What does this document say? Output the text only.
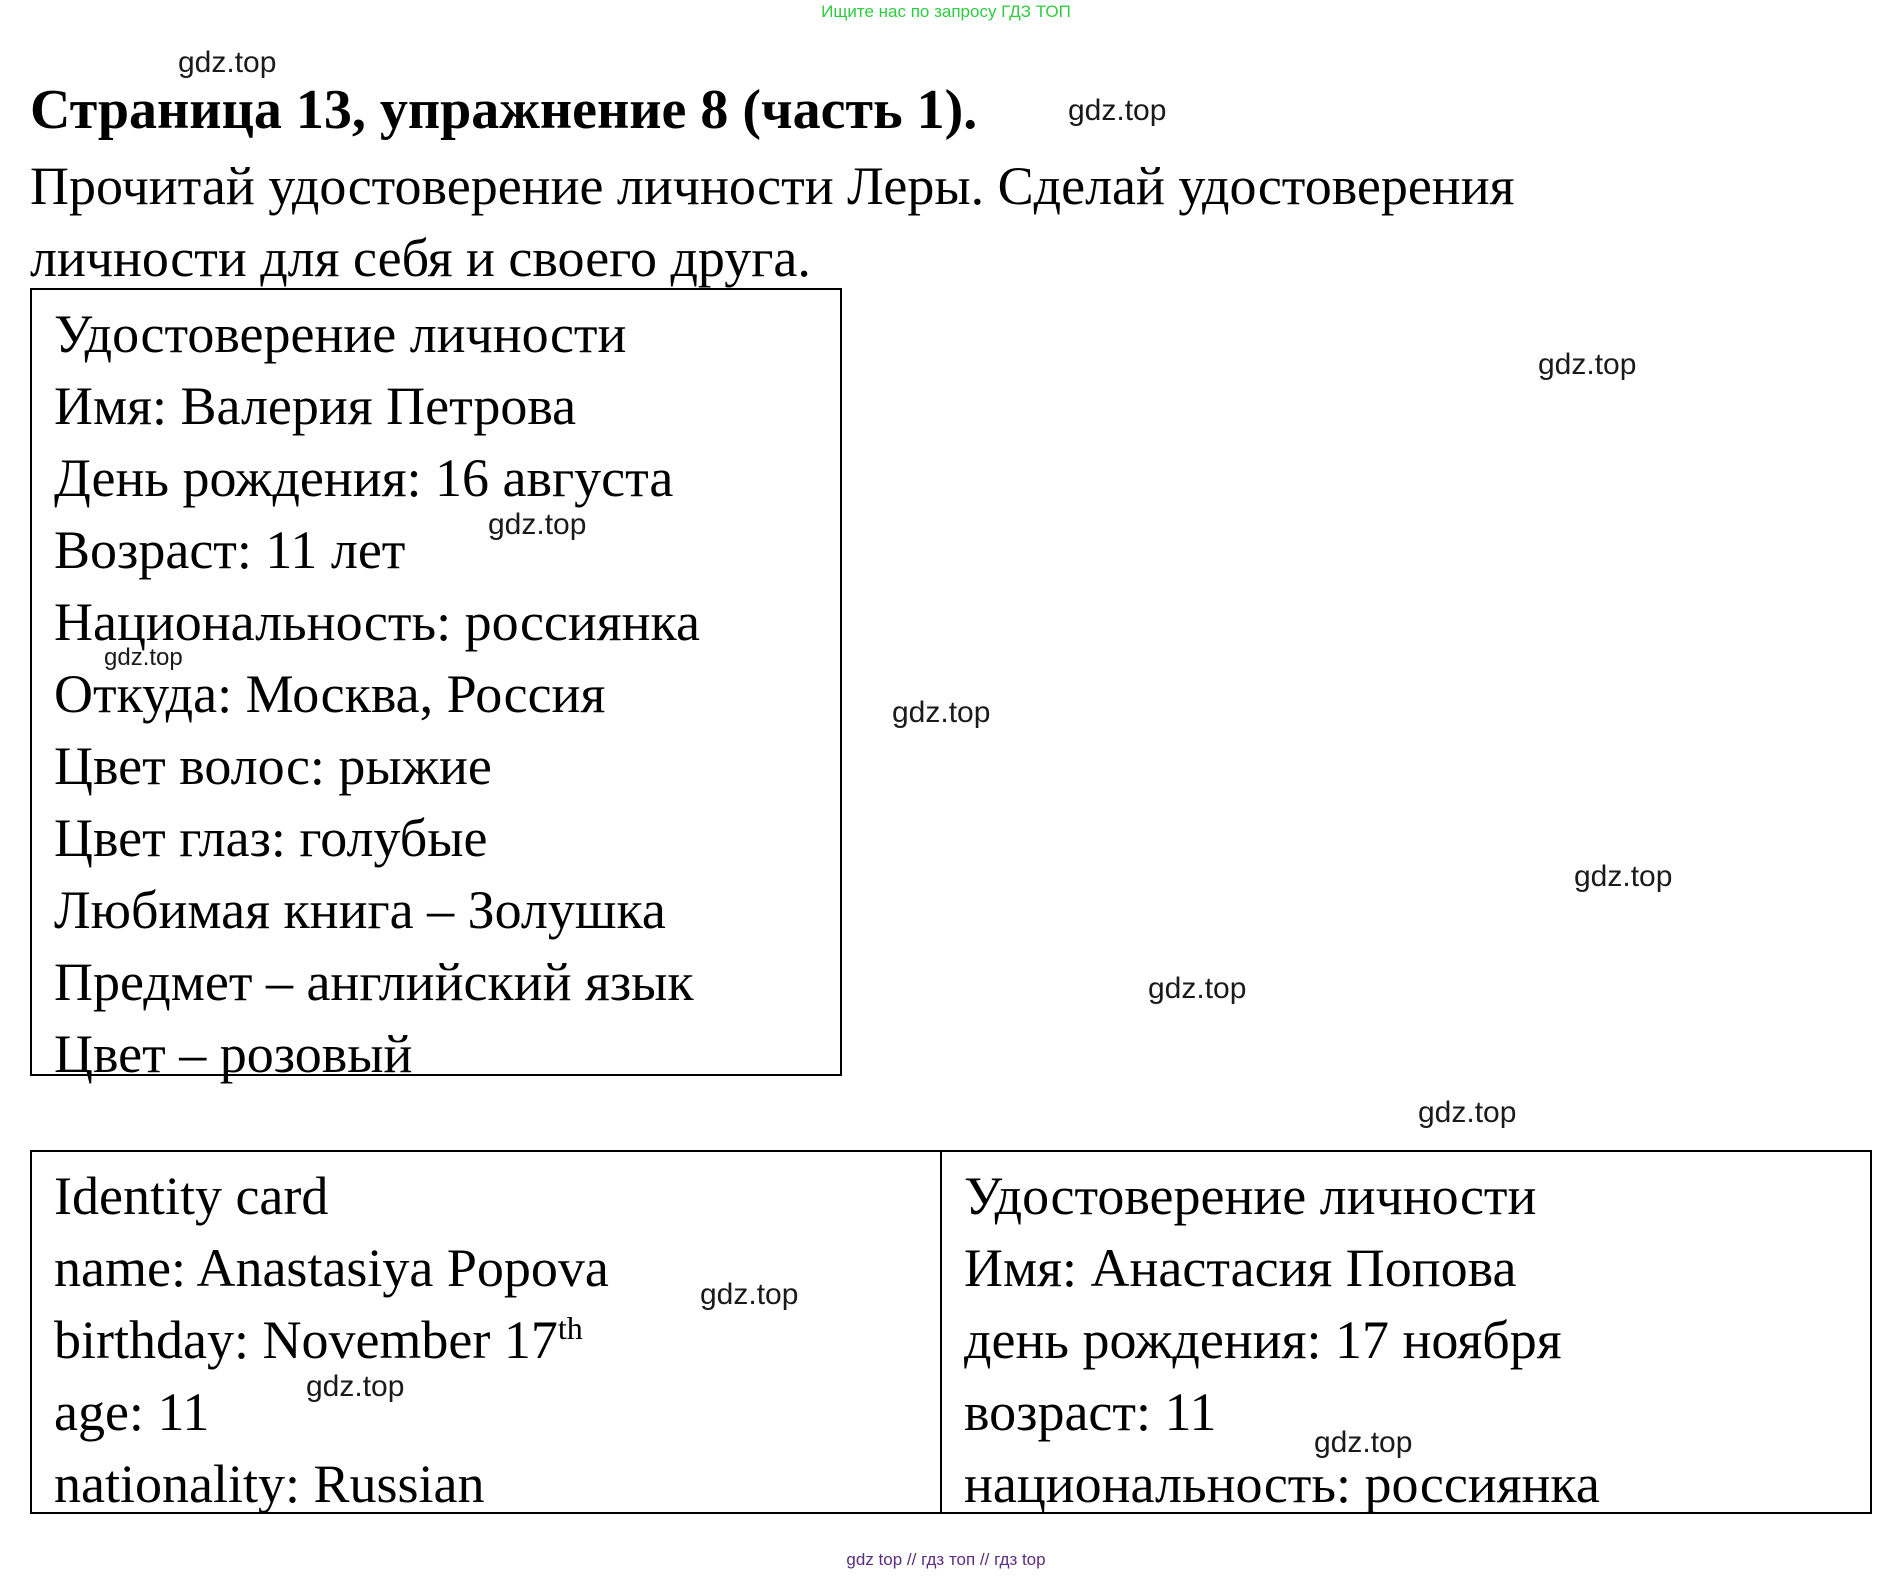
Ищите нас по запросу ГДЗ ТОП
Страница 13, упражнение 8 (часть 1).
Прочитай удостоверение личности Леры. Сделай удостоверения личности для себя и своего друга.
Удостоверение личности
Имя: Валерия Петрова
День рождения: 16 августа
Возраст: 11 лет
Национальность: россиянка
Откуда: Москва, Россия
Цвет волос: рыжие
Цвет глаз: голубые
Любимая книга – Золушка
Предмет – английский язык
Цвет – розовый
Identity card
name: Anastasiya Popova
birthday: November 17th
age: 11
nationality: Russian
Удостоверение личности
Имя: Анастасия Попова
день рождения: 17 ноября
возраст: 11
национальность: россиянка
gdz.top
gdz.top
gdz.top
gdz.top
gdz.top
gdz.top
gdz.top
gdz.top
gdz.top
gdz.top
gdz.top
gdz.top
gdz top // гдз топ // гдз top
